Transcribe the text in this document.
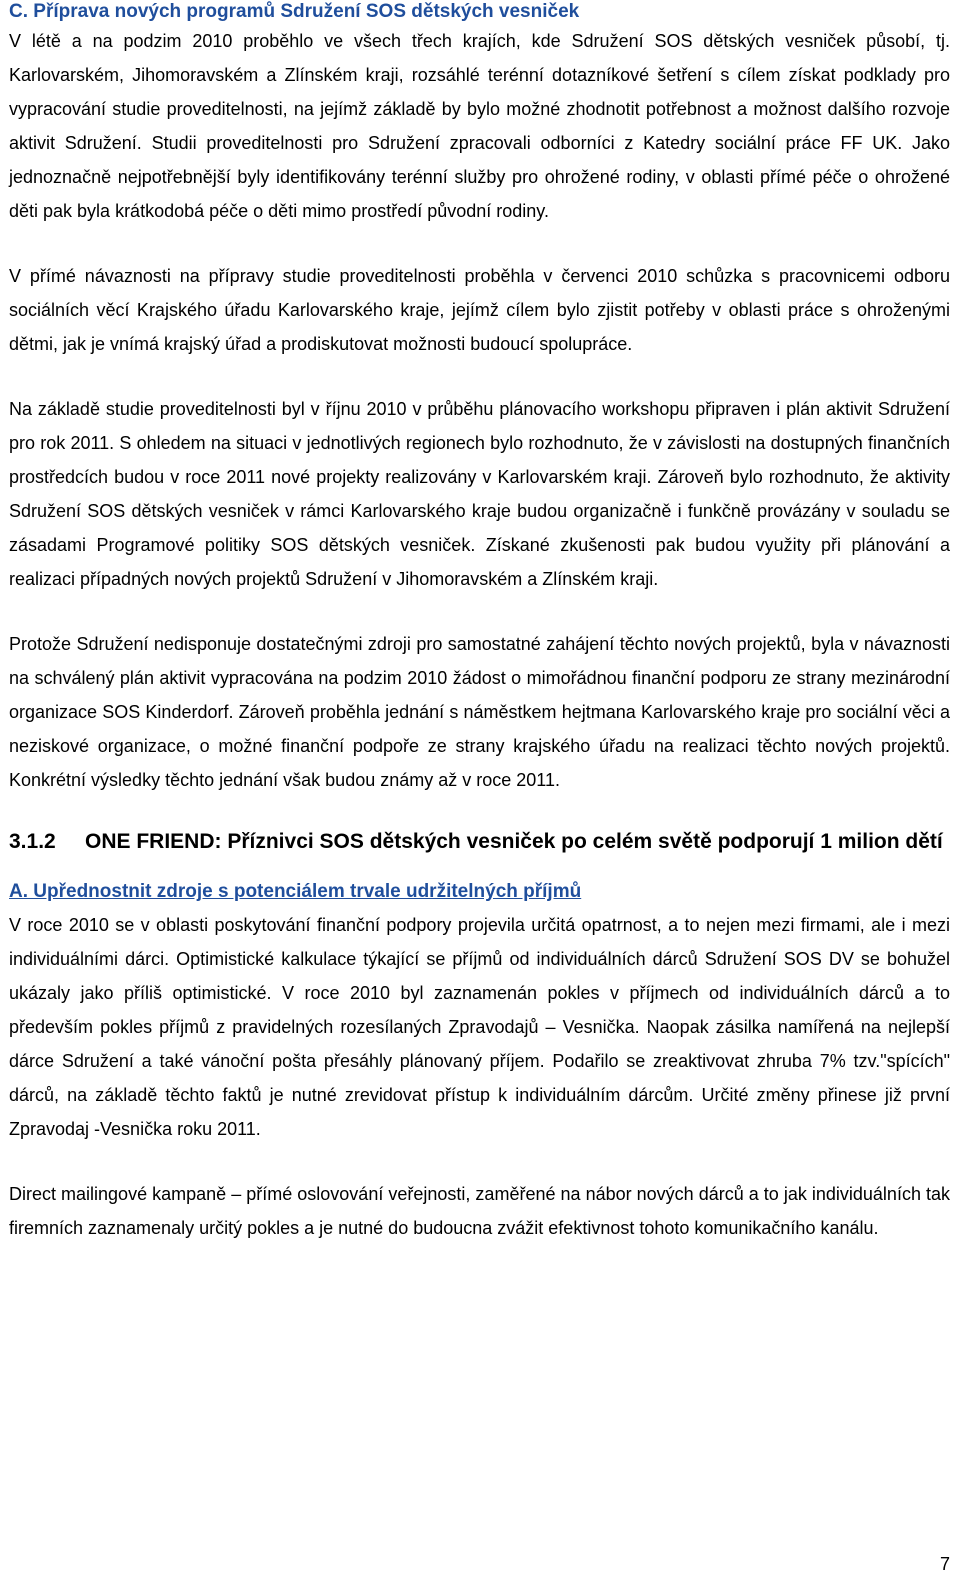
C. Příprava nových programů Sdružení SOS dětských vesniček

V létě a na podzim 2010 proběhlo ve všech třech krajích, kde Sdružení SOS dětských vesniček působí, tj. Karlovarském, Jihomoravském a Zlínském kraji, rozsáhlé terénní dotazníkové šetření s cílem získat podklady pro vypracování studie proveditelnosti, na jejímž základě by bylo možné zhodnotit potřebnost a možnost dalšího rozvoje aktivit Sdružení. Studii proveditelnosti pro Sdružení zpracovali odborníci z Katedry sociální práce FF UK. Jako jednoznačně nejpotřebnější byly identifikovány terénní služby pro ohrožené rodiny, v oblasti přímé péče o ohrožené děti pak byla krátkodobá péče o děti mimo prostředí původní rodiny.

V přímé návaznosti na přípravy studie proveditelnosti proběhla v červenci 2010 schůzka s pracovnicemi odboru sociálních věcí Krajského úřadu Karlovarského kraje, jejímž cílem bylo zjistit potřeby v oblasti práce s ohroženými dětmi, jak je vnímá krajský úřad a prodiskutovat možnosti budoucí spolupráce.

Na základě studie proveditelnosti byl v říjnu 2010 v průběhu plánovacího workshopu připraven i plán aktivit Sdružení pro rok 2011. S ohledem na situaci v jednotlivých regionech bylo rozhodnuto, že v závislosti na dostupných finančních prostředcích budou v roce 2011 nové projekty realizovány v Karlovarském kraji. Zároveň bylo rozhodnuto, že aktivity Sdružení SOS dětských vesniček v rámci Karlovarského kraje budou organizačně i funkčně provázány v souladu se zásadami Programové politiky SOS dětských vesniček. Získané zkušenosti pak budou využity při plánování a realizaci případných nových projektů Sdružení v Jihomoravském a Zlínském kraji.

Protože Sdružení nedisponuje dostatečnými zdroji pro samostatné zahájení těchto nových projektů, byla v návaznosti na schválený plán aktivit vypracována na podzim 2010 žádost o mimořádnou finanční podporu ze strany mezinárodní organizace SOS Kinderdorf. Zároveň proběhla jednání s náměstkem hejtmana Karlovarského kraje pro sociální věci a neziskové organizace, o možné finanční podpoře ze strany krajského úřadu na realizaci těchto nových projektů. Konkrétní výsledky těchto jednání však budou známy až v roce 2011.

3.1.2	ONE FRIEND: Příznivci SOS dětských vesniček po celém světě podporují 1 milion dětí
A. Upřednostnit zdroje s potenciálem trvale udržitelných příjmů

V roce 2010 se v oblasti poskytování finanční podpory projevila určitá opatrnost, a to nejen mezi firmami, ale i mezi individuálními dárci. Optimistické kalkulace týkající se příjmů od individuálních dárců Sdružení SOS DV se bohužel ukázaly jako příliš optimistické. V roce 2010 byl zaznamenán pokles v příjmech od individuálních dárců a to především pokles příjmů z pravidelných rozesílaných Zpravodajů – Vesnička. Naopak zásilka namířená na nejlepší dárce Sdružení a také vánoční pošta přesáhly plánovaný příjem. Podařilo se zreaktivovat zhruba 7% tzv."spících" dárců, na základě těchto faktů je nutné zrevidovat přístup k individuálním dárcům. Určité změny přinese již první Zpravodaj -Vesnička roku 2011.

Direct mailingové kampaně – přímé oslovování veřejnosti, zaměřené na nábor nových dárců a to jak individuálních tak firemních zaznamenaly určitý pokles a je nutné do budoucna zvážit efektivnost tohoto komunikačního kanálu.

7
